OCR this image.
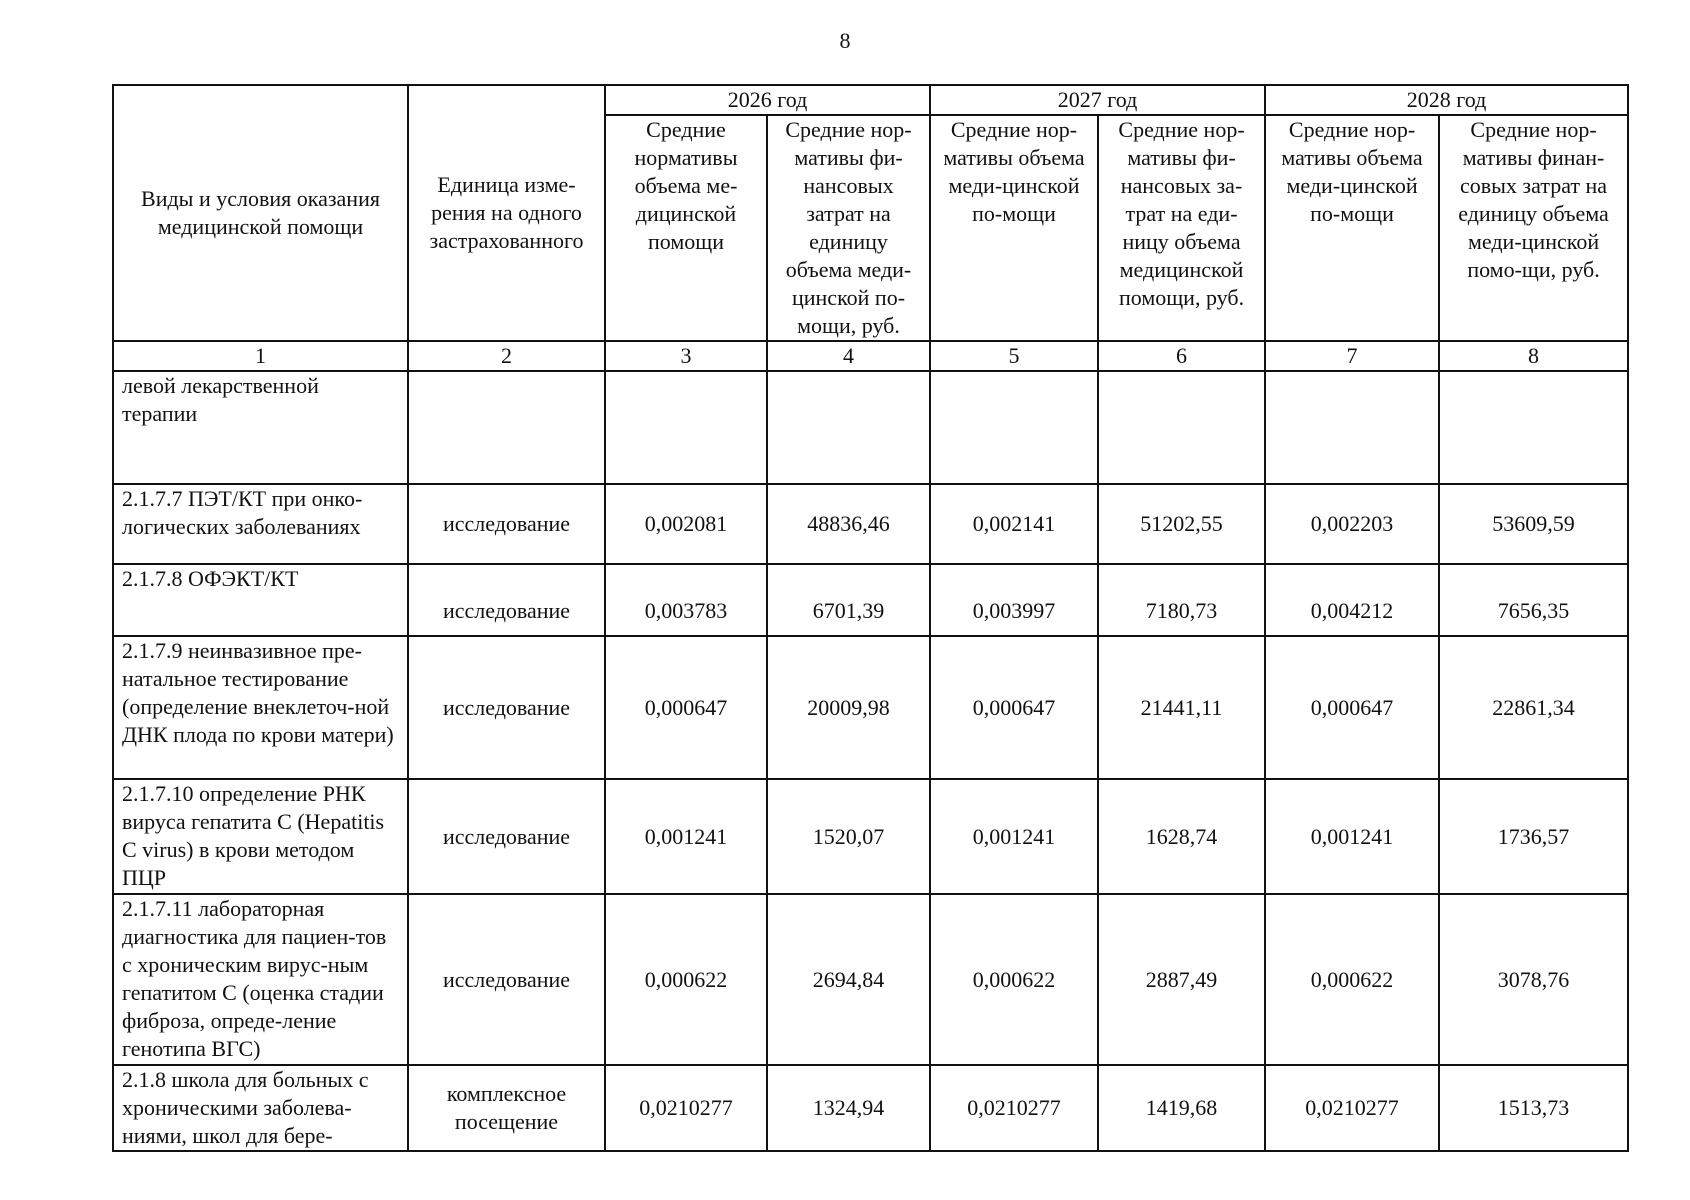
8
Виды и условия оказания медицинской помощи	Единица изме-рения на одного застрахованного	2026 год		2027 год		2028 год	
		Средние нормативы объема ме-дицинской помощи	Средние нор-мативы фи-нансовых затрат на единицу объема меди-цинской по-мощи, руб.	Средние нор-мативы объема меди-цинской по-мощи	Средние нор-мативы фи-нансовых за-трат на еди-ницу объема медицинской помощи, руб.	Средние нор-мативы объема меди-цинской по-мощи	Средние нор-мативы финан-совых затрат на единицу объема меди-цинской помо-щи, руб.
1	2	3	4	5	6	7	8
левой лекарственной терапии							
2.1.7.7 ПЭТ/КТ при онко-логических заболеваниях	исследование	0,002081	48836,46	0,002141	51202,55	0,002203	53609,59
2.1.7.8 ОФЭКТ/КТ	исследование	0,003783	6701,39	0,003997	7180,73	0,004212	7656,35
2.1.7.9 неинвазивное пре-натальное тестирование (определение внеклеточ-ной ДНК плода по крови матери)	исследование	0,000647	20009,98	0,000647	21441,11	0,000647	22861,34
2.1.7.10 определение РНК вируса гепатита С (Hepatitis C virus) в крови методом ПЦР	исследование	0,001241	1520,07	0,001241	1628,74	0,001241	1736,57
2.1.7.11 лабораторная диагностика для пациен-тов с хроническим вирус-ным гепатитом С (оценка стадии фиброза, опреде-ление генотипа ВГС)	исследование	0,000622	2694,84	0,000622	2887,49	0,000622	3078,76
2.1.8 школа для больных с хроническими заболева-ниями, школ для бере-	комплексное посещение	0,0210277	1324,94	0,0210277	1419,68	0,0210277	1513,73
